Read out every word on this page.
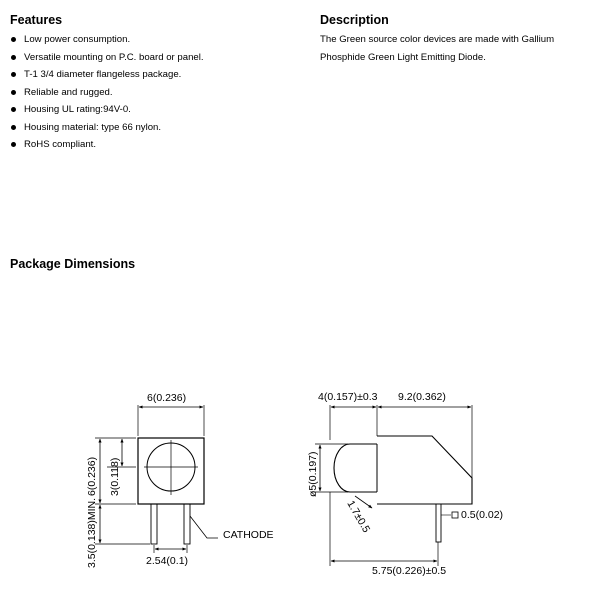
Features
Low power consumption.
Versatile mounting on P.C. board or panel.
T-1 3/4 diameter flangeless package.
Reliable and rugged.
Housing UL rating:94V-0.
Housing material: type 66 nylon.
RoHS compliant.
Description
The Green source color devices are made with Gallium
Phosphide Green Light Emitting Diode.
Package Dimensions
6(0.236)
6(0.236) 3(0.118)
3.5(0.138)MIN.	2.54(0.1)
CATHODE
4(0.157)±0.3 9.2(0.362)
ø5(0.197)
1.7±0.5	0.5(0.02)
5.75(0.226)±0.5
